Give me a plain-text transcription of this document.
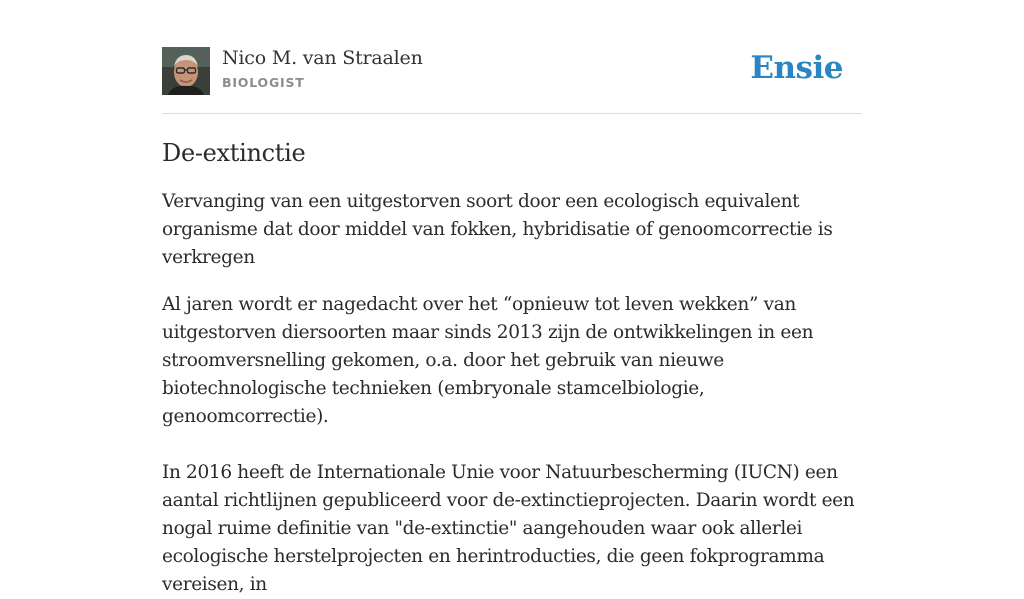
Nico M. van Straalen
BIOLOGIST	Ensie
De-extinctie

Vervanging van een uitgestorven soort door een ecologisch equivalent organisme dat door middel van fokken, hybridisatie of genoomcorrectie is verkregen

Al jaren wordt er nagedacht over het “opnieuw tot leven wekken” van uitgestorven diersoorten maar sinds 2013 zijn de ontwikkelingen in een stroomversnelling gekomen, o.a. door het gebruik van nieuwe biotechnologische technieken (embryonale stamcelbiologie, genoomcorrectie).

In 2016 heeft de Internationale Unie voor Natuurbescherming (IUCN) een aantal richtlijnen gepubliceerd voor de-extinctieprojecten. Daarin wordt een nogal ruime definitie van "de-extinctie" aangehouden waar ook allerlei ecologische herstelprojecten en herintroducties, die geen fokprogramma vereisen, in
